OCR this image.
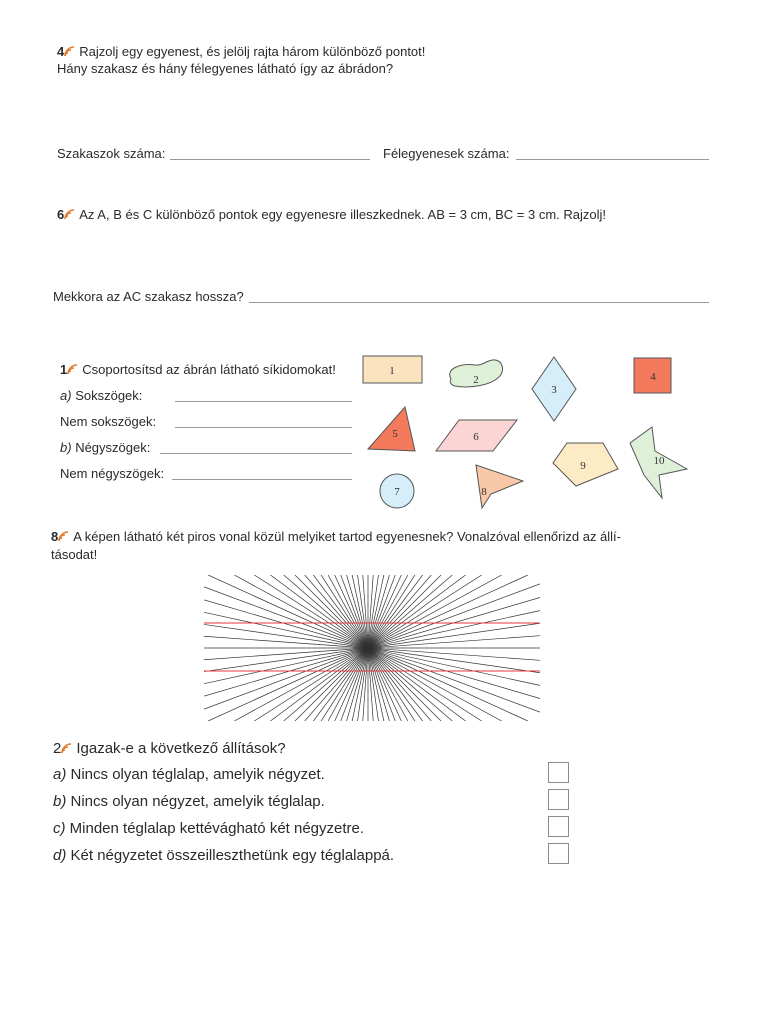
4 Rajzolj egy egyenest, és jelölj rajta három különböző pontot!
Hány szakasz és hány félegyenes látható így az ábrádon?
Szakaszok száma:	Félegyenesek száma:
6 Az A, B és C különböző pontok egy egyenesre illeszkednek. AB = 3 cm, BC = 3 cm. Rajzolj!
Mekkora az AC szakasz hossza?
1 Csoportosítsd az ábrán látható síkidomokat!
a) Sokszögek:
Nem sokszögek:
b) Négyszögek:
Nem négyszögek:
1
2
3
4
5	6
7	8
9	10
8 A képen látható két piros vonal közül melyiket tartod egyenesnek? Vonalzóval ellenőrizd az állí-
tásodat!
2 Igazak-e a következő állítások?
a) Nincs olyan téglalap, amelyik négyzet.
b) Nincs olyan négyzet, amelyik téglalap.
c) Minden téglalap kettévágható két négyzetre.
d) Két négyzetet összeilleszthetünk egy téglalappá.
